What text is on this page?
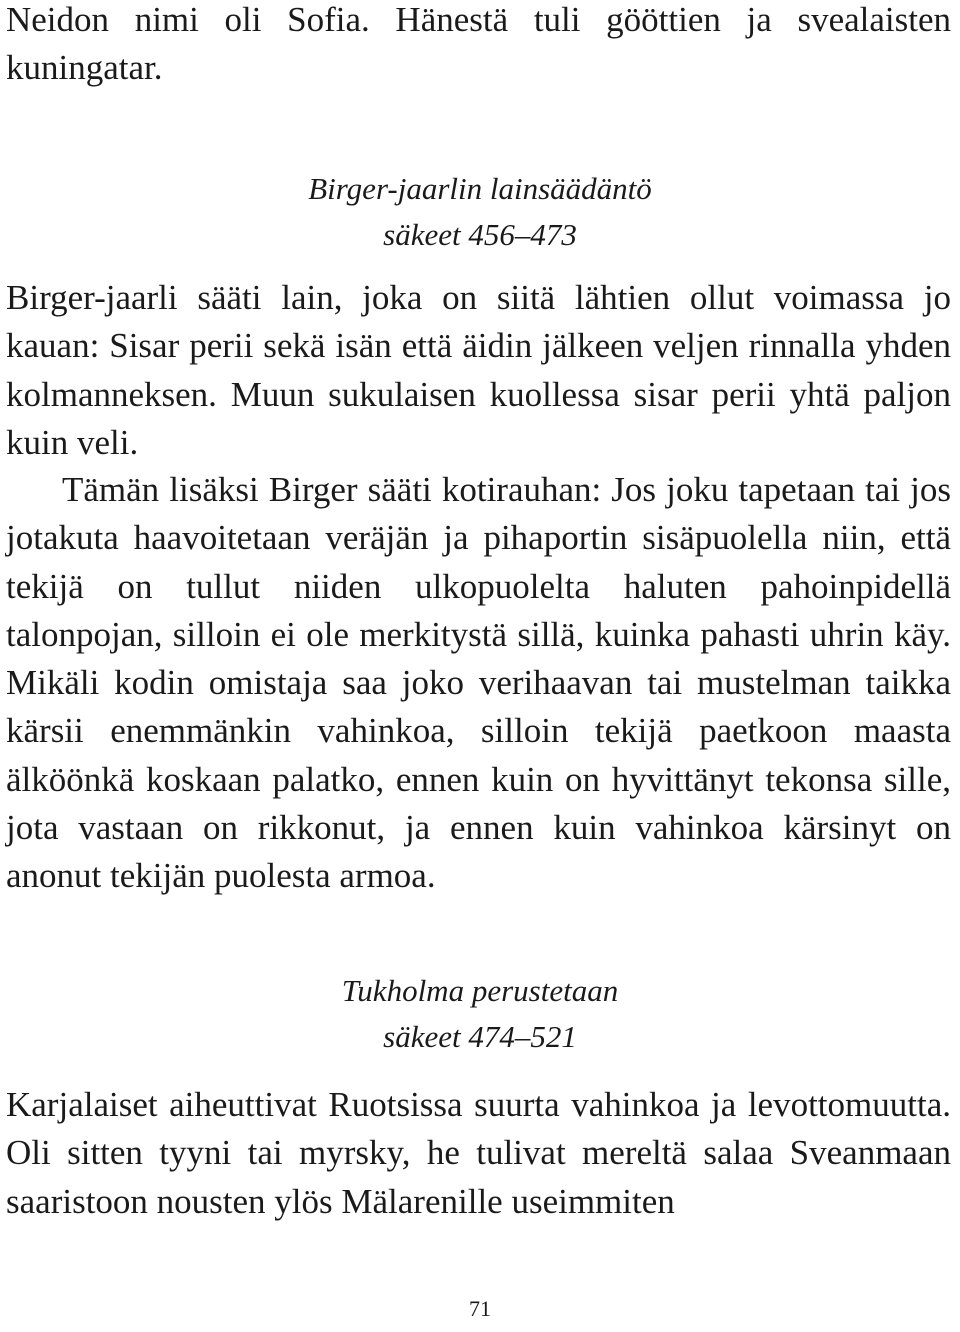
Neidon nimi oli Sofia. Hänestä tuli gööttien ja svealaisten kuningatar.

Birger-jaarlin lainsäädäntö
säkeet 456–473

Birger-jaarli sääti lain, joka on siitä lähtien ollut voimassa jo kauan: Sisar perii sekä isän että äidin jälkeen veljen rinnalla yhden kolmanneksen. Muun sukulaisen kuollessa sisar perii yhtä paljon kuin veli.

Tämän lisäksi Birger sääti kotirauhan: Jos joku tapetaan tai jos jotakuta haavoitetaan veräjän ja pihaportin sisäpuolella niin, että tekijä on tullut niiden ulkopuolelta haluten pahoinpidellä talonpojan, silloin ei ole merkitystä sillä, kuinka pahasti uhrin käy. Mikäli kodin omistaja saa joko verihaavan tai mustelman taikka kärsii enemmänkin vahinkoa, silloin tekijä paetkoon maasta älköönkä koskaan palatko, ennen kuin on hyvittänyt tekonsa sille, jota vastaan on rikkonut, ja ennen kuin vahinkoa kärsinyt on anonut tekijän puolesta armoa.

Tukholma perustetaan
säkeet 474–521

Karjalaiset aiheuttivat Ruotsissa suurta vahinkoa ja levottomuutta. Oli sitten tyyni tai myrsky, he tulivat mereltä salaa Sveanmaan saaristoon nousten ylös Mälarenille useimmiten

71
